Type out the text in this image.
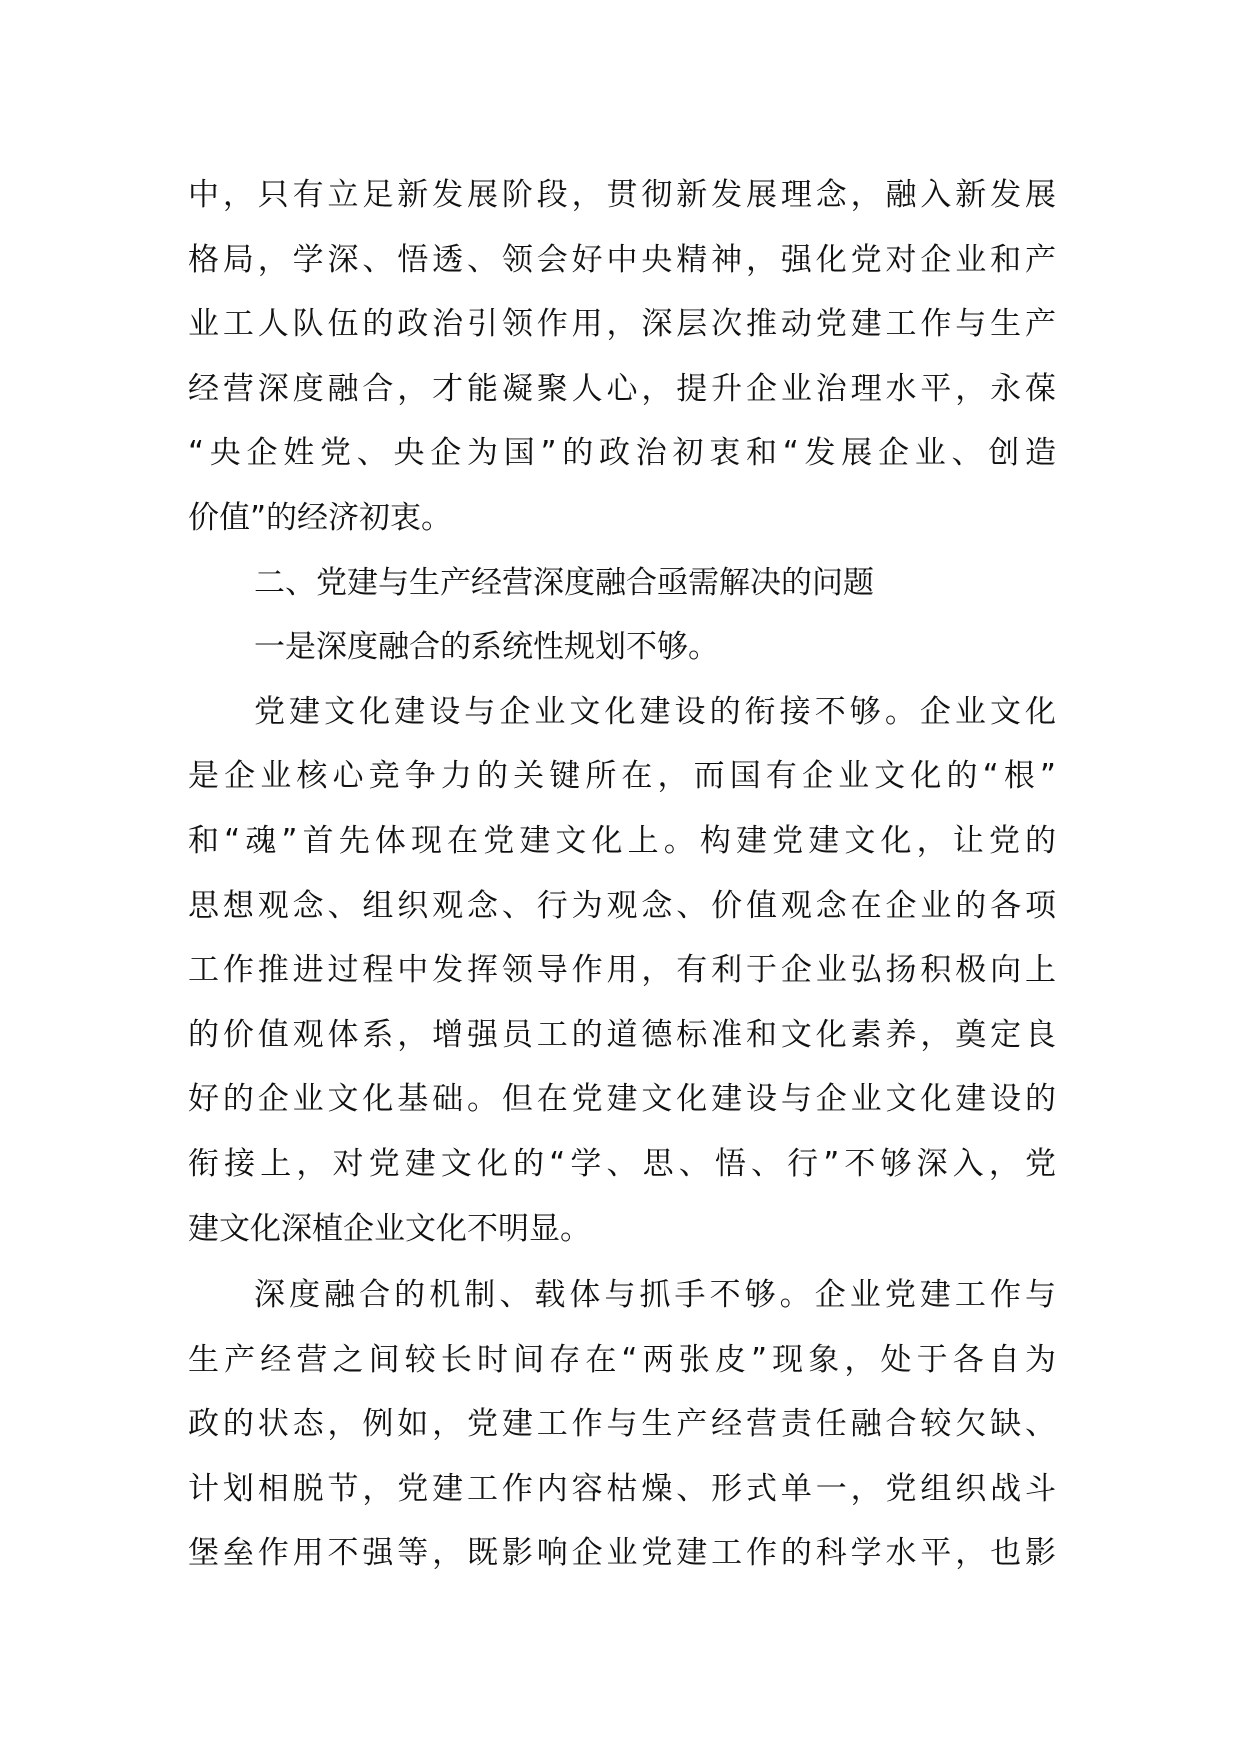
中，只有立足新发展阶段，贯彻新发展理念，融入新发展
格局，学深、悟透、领会好中央精神，强化党对企业和产
业工人队伍的政治引领作用，深层次推动党建工作与生产
经营深度融合，才能凝聚人心，提升企业治理水平，永葆
“央企姓党、央企为国”的政治初衷和“发展企业、创造
价值”的经济初衷。
二、党建与生产经营深度融合亟需解决的问题
一是深度融合的系统性规划不够。
党建文化建设与企业文化建设的衔接不够。企业文化
是企业核心竞争力的关键所在，而国有企业文化的“根”
和“魂”首先体现在党建文化上。构建党建文化，让党的
思想观念、组织观念、行为观念、价值观念在企业的各项
工作推进过程中发挥领导作用，有利于企业弘扬积极向上
的价值观体系，增强员工的道德标准和文化素养，奠定良
好的企业文化基础。但在党建文化建设与企业文化建设的
衔接上，对党建文化的“学、思、悟、行”不够深入，党
建文化深植企业文化不明显。
深度融合的机制、载体与抓手不够。企业党建工作与
生产经营之间较长时间存在“两张皮”现象，处于各自为
政的状态，例如，党建工作与生产经营责任融合较欠缺、
计划相脱节，党建工作内容枯燥、形式单一，党组织战斗
堡垒作用不强等，既影响企业党建工作的科学水平，也影
